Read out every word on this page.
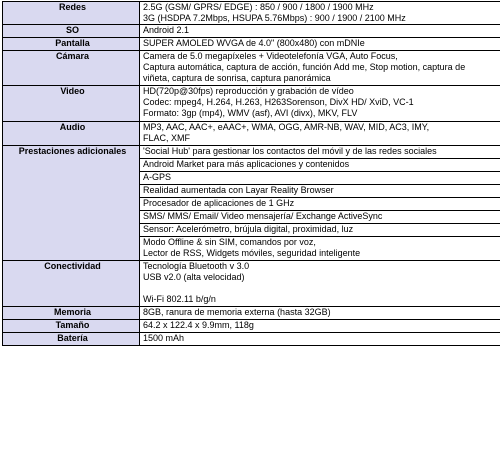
Redes	2.5G (GSM/ GPRS/ EDGE) : 850 / 900 / 1800 / 1900 MHz
3G (HSDPA 7.2Mbps, HSUPA 5.76Mbps) : 900 / 1900 / 2100 MHz

SO	Android 2.1

Pantalla	SUPER AMOLED WVGA de 4.0" (800x480) con mDNIe

Cámara	Camera de 5.0 megapíxeles + Videotelefonía VGA, Auto Focus,
Captura automática, captura de acción, función Add me, Stop motion, captura de
viñeta, captura de sonrisa, captura panorámica

Video	HD(720p@30fps) reproducción y grabación de vídeo
Codec: mpeg4, H.264, H.263, H263Sorenson, DivX HD/ XviD, VC-1
Formato: 3gp (mp4), WMV (asf), AVI (divx), MKV, FLV

Audio	MP3, AAC, AAC+, eAAC+, WMA, OGG, AMR-NB, WAV, MID, AC3, IMY,
FLAC, XMF

Prestaciones adicionales	'Social Hub' para gestionar los contactos del móvil y de las redes sociales

	Android Market para más aplicaciones y contenidos

	A-GPS

	Realidad aumentada con Layar Reality Browser

	Procesador de aplicaciones de 1 GHz

	SMS/ MMS/ Email/ Video mensajería/ Exchange ActiveSync

	Sensor: Acelerómetro, brújula digital, proximidad, luz

	Modo Offline & sin SIM, comandos por voz,
Lector de RSS, Widgets móviles, seguridad inteligente

Conectividad	Tecnología Bluetooth v 3.0
USB v2.0 (alta velocidad)

Wi-Fi 802.11 b/g/n

Memoria	8GB, ranura de memoria externa (hasta 32GB)

Tamaño	64.2 x 122.4 x 9.9mm, 118g

Batería	1500 mAh
